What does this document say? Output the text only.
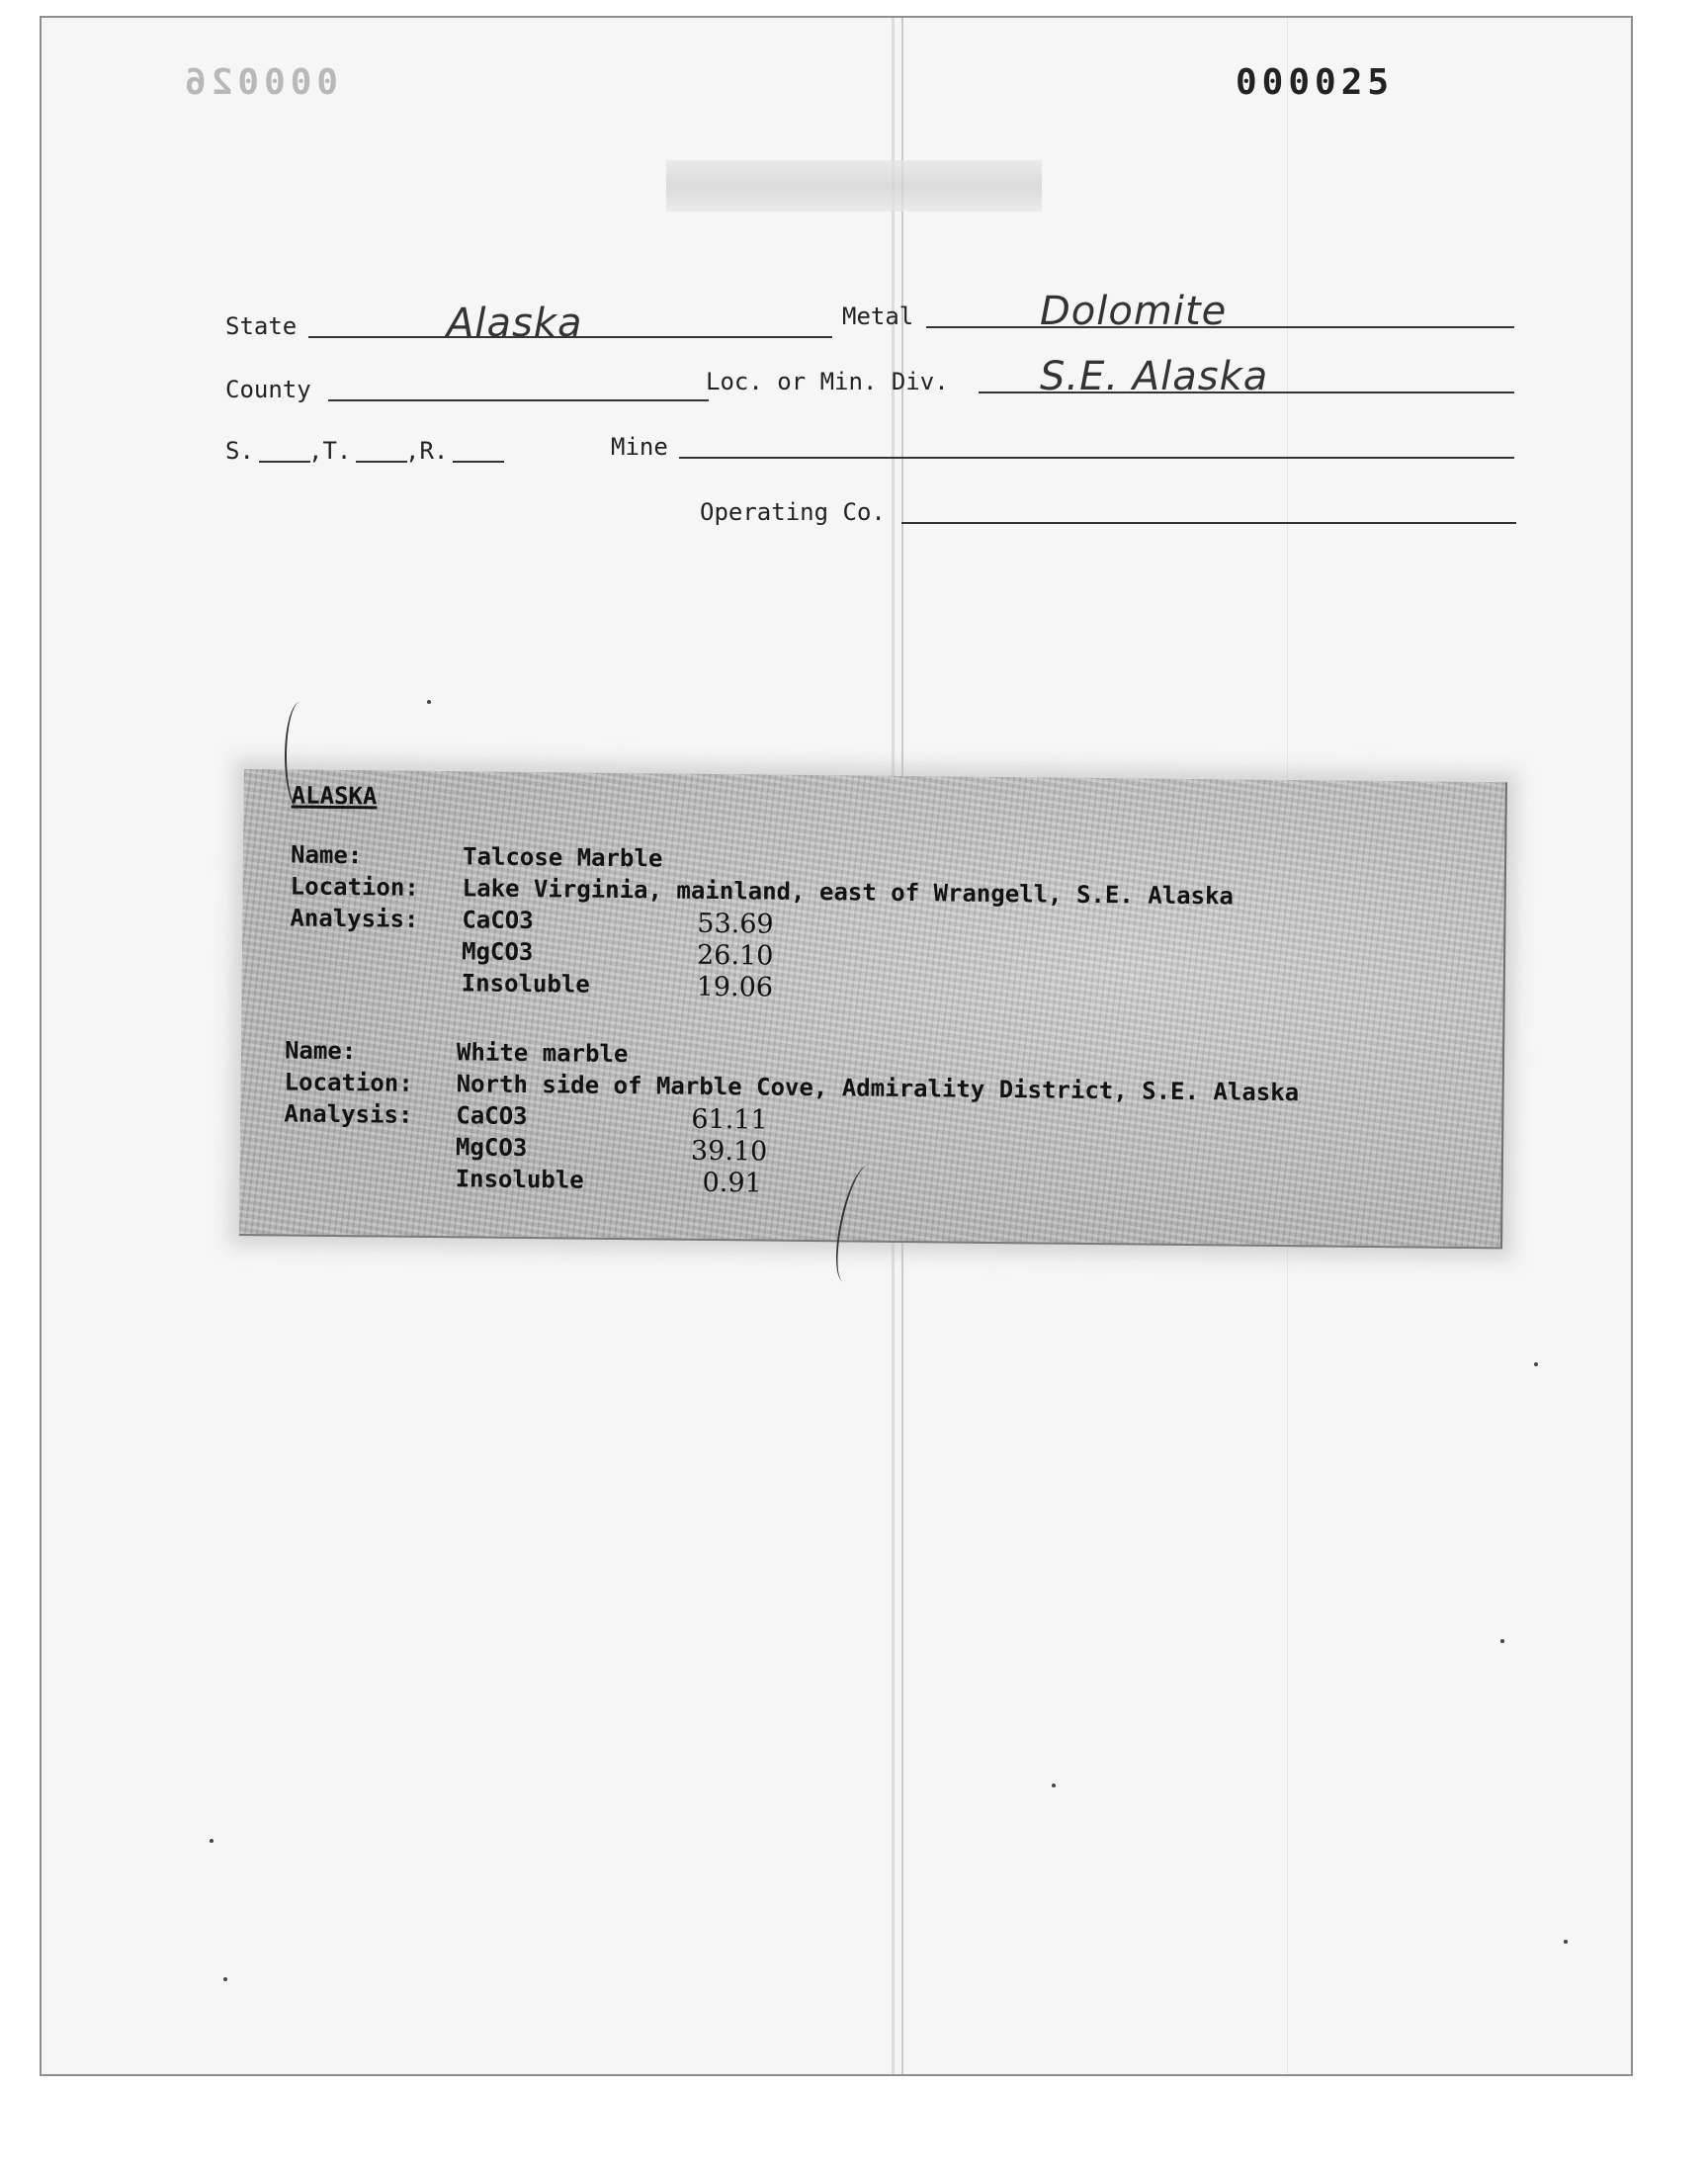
000026	000025
State	Alaska	Metal	Dolomite
County	Loc. or Min. Div. S.E. Alaska
S. ,T. ,R.	Mine
Operating Co.
ALASKA
Name:	Talcose Marble
Location: Lake Virginia, mainland, east of Wrangell, S.E. Alaska
Analysis: CaCO3	53.69
MgCO3	26.10
Insoluble	19.06
Name:	White marble
Location: North side of Marble Cove, Admirality District, S.E. Alaska
Analysis: CaCO3	61.11
MgCO3	39.10
Insoluble	0.91
